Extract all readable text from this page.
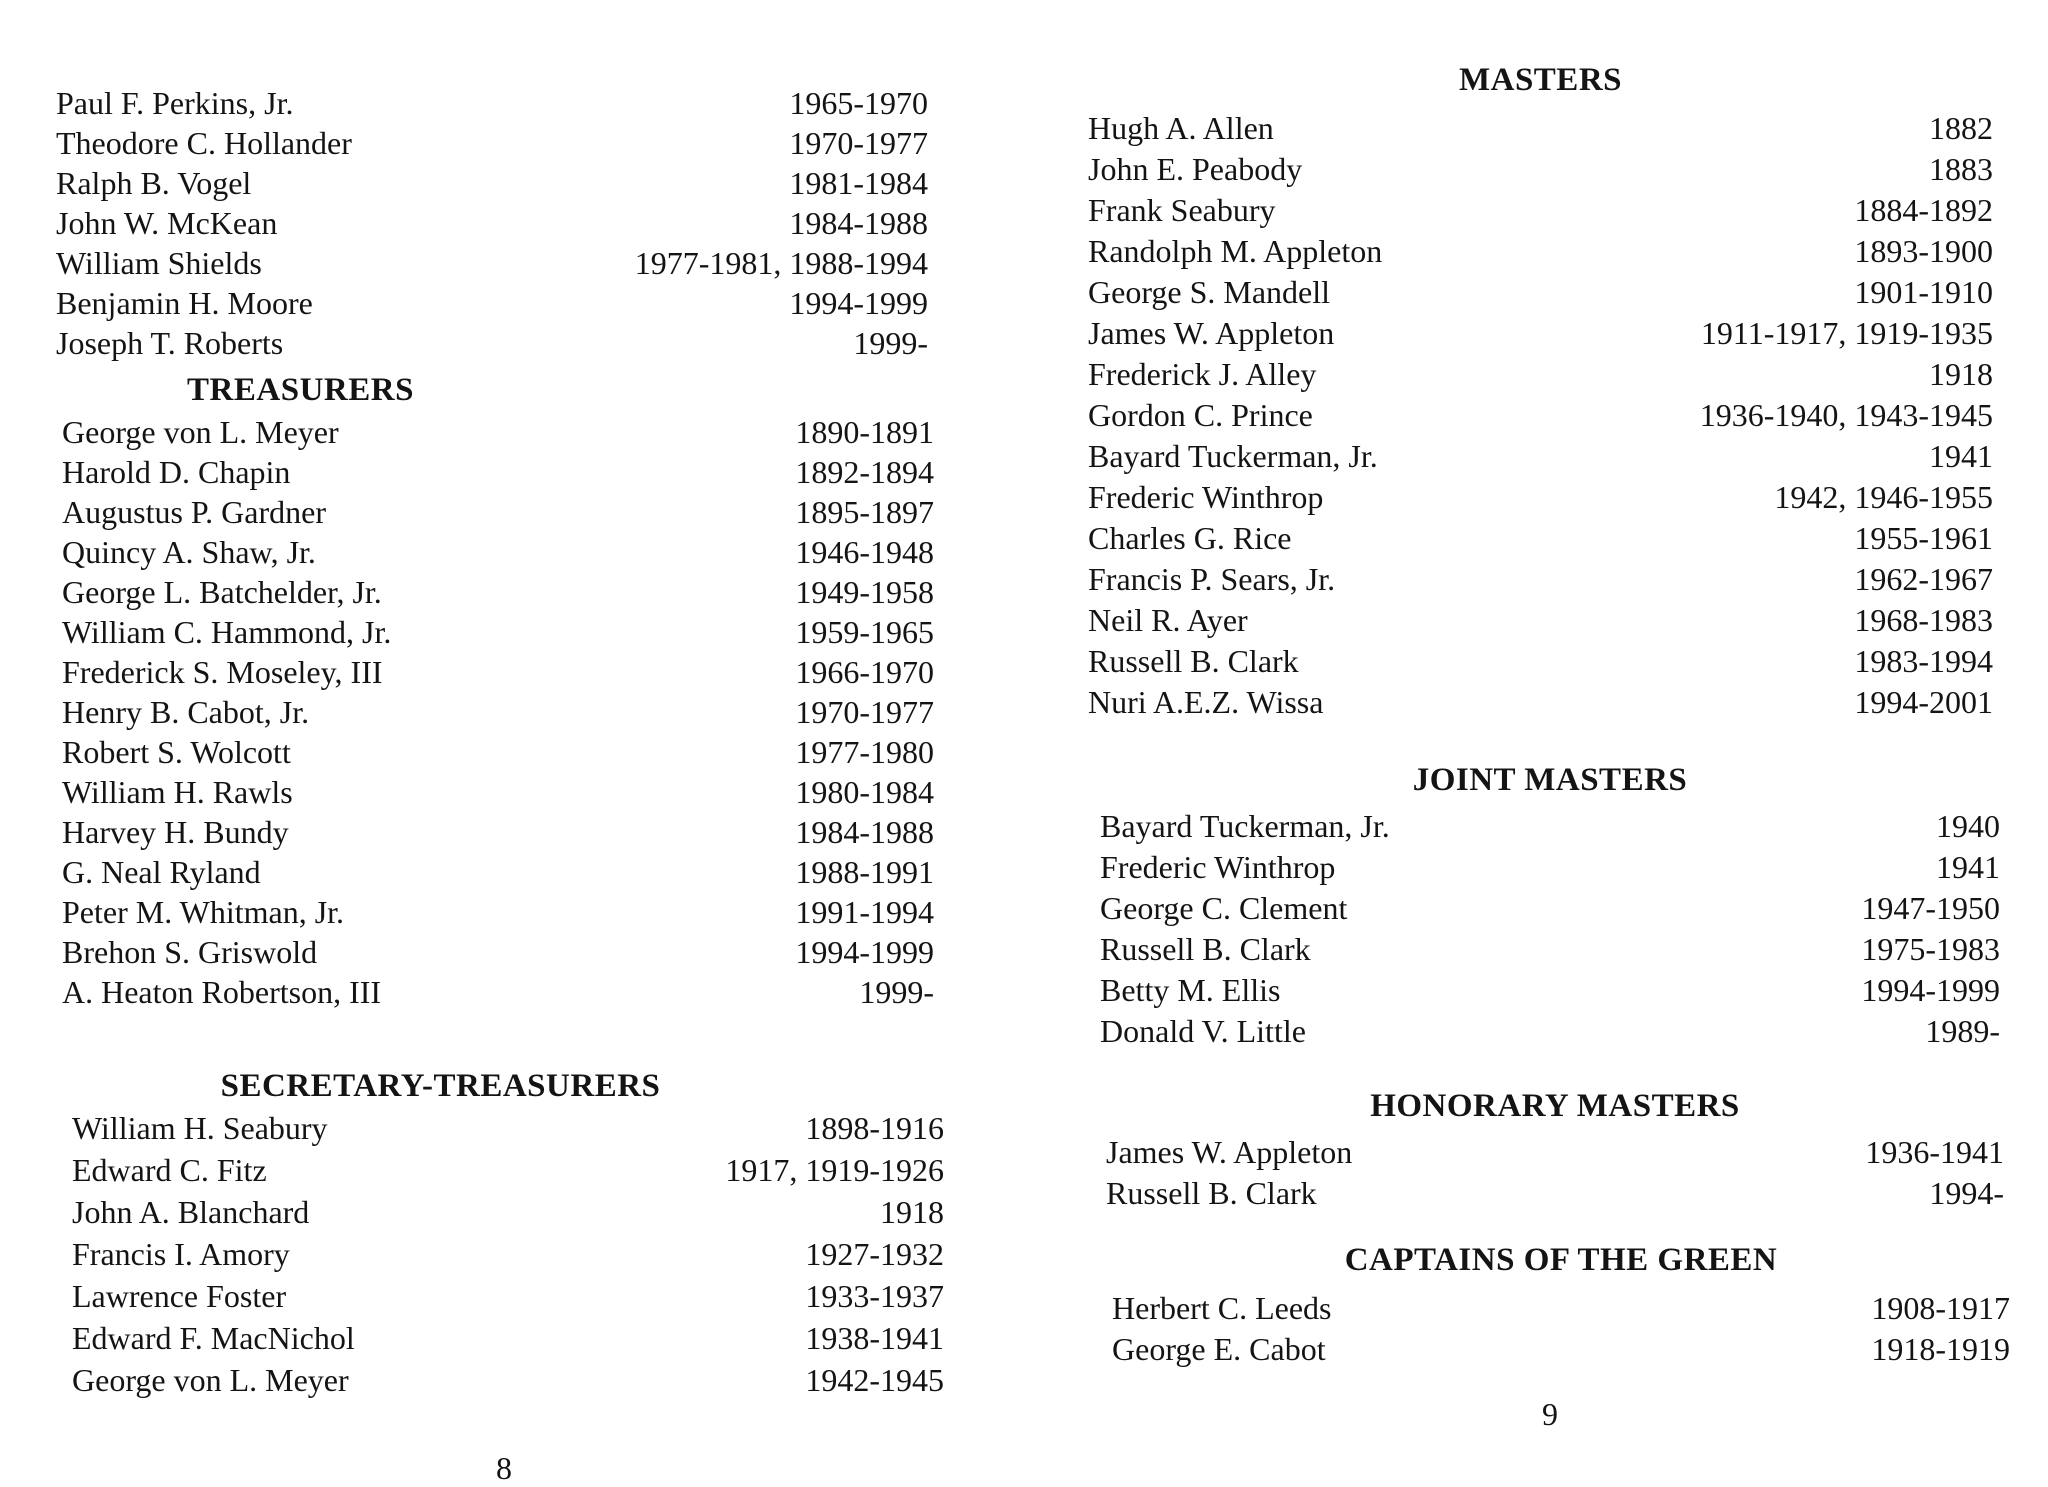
Paul F. Perkins, Jr.	1965-1970
Theodore C. Hollander	1970-1977
Ralph B. Vogel	1981-1984
John W. McKean	1984-1988
William Shields	1977-1981, 1988-1994
Benjamin H. Moore	1994-1999
Joseph T. Roberts	1999-
TREASURERS
George von L. Meyer	1890-1891
Harold D. Chapin	1892-1894
Augustus P. Gardner	1895-1897
Quincy A. Shaw, Jr.	1946-1948
George L. Batchelder, Jr.	1949-1958
William C. Hammond, Jr.	1959-1965
Frederick S. Moseley, III	1966-1970
Henry B. Cabot, Jr.	1970-1977
Robert S. Wolcott	1977-1980
William H. Rawls	1980-1984
Harvey H. Bundy	1984-1988
G. Neal Ryland	1988-1991
Peter M. Whitman, Jr.	1991-1994
Brehon S. Griswold	1994-1999
A. Heaton Robertson, III	1999-
SECRETARY-TREASURERS
William H. Seabury	1898-1916
Edward C. Fitz	1917, 1919-1926
John A. Blanchard	1918
Francis I. Amory	1927-1932
Lawrence Foster	1933-1937
Edward F. MacNichol	1938-1941
George von L. Meyer	1942-1945
8
MASTERS
Hugh A. Allen	1882
John E. Peabody	1883
Frank Seabury	1884-1892
Randolph M. Appleton	1893-1900
George S. Mandell	1901-1910
James W. Appleton	1911-1917, 1919-1935
Frederick J. Alley	1918
Gordon C. Prince	1936-1940, 1943-1945
Bayard Tuckerman, Jr.	1941
Frederic Winthrop	1942, 1946-1955
Charles G. Rice	1955-1961
Francis P. Sears, Jr.	1962-1967
Neil R. Ayer	1968-1983
Russell B. Clark	1983-1994
Nuri A.E.Z. Wissa	1994-2001
JOINT MASTERS
Bayard Tuckerman, Jr.	1940
Frederic Winthrop	1941
George C. Clement	1947-1950
Russell B. Clark	1975-1983
Betty M. Ellis	1994-1999
Donald V. Little	1989-
HONORARY MASTERS
James W. Appleton	1936-1941
Russell B. Clark	1994-
CAPTAINS OF THE GREEN
Herbert C. Leeds	1908-1917
George E. Cabot	1918-1919
9
